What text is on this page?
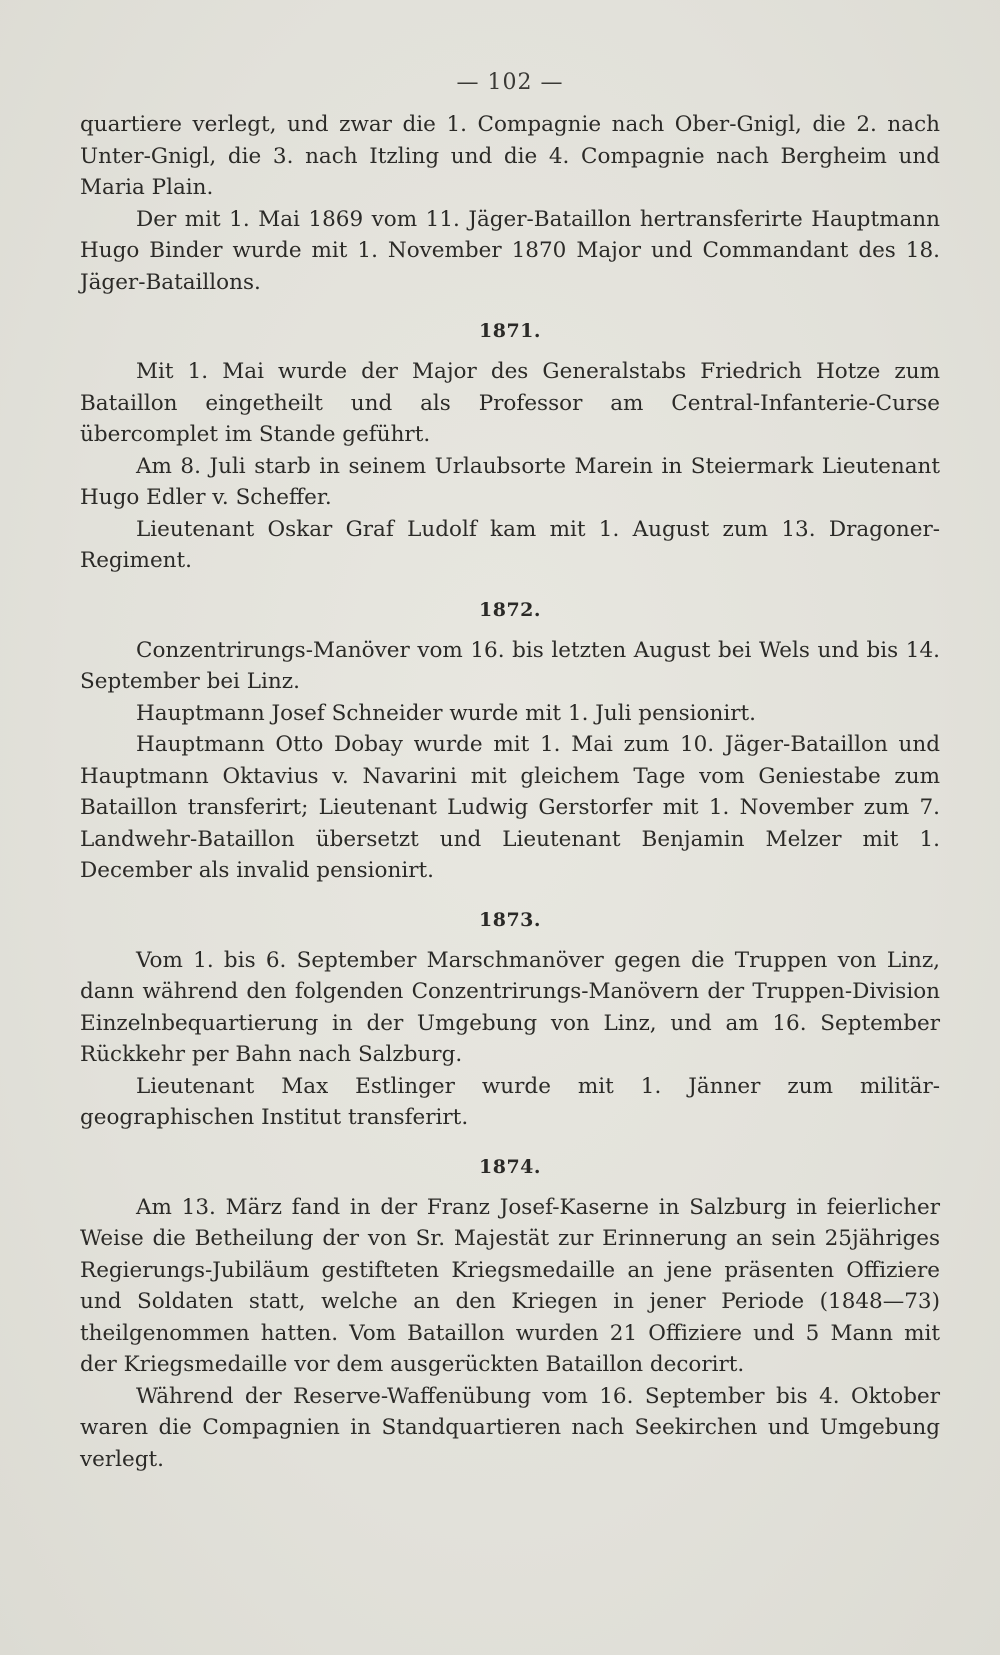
— 102 —

quartiere verlegt, und zwar die 1. Compagnie nach Ober-Gnigl, die 2. nach Unter-Gnigl, die 3. nach Itzling und die 4. Compagnie nach Bergheim und Maria Plain.

Der mit 1. Mai 1869 vom 11. Jäger-Bataillon hertransferirte Hauptmann Hugo Binder wurde mit 1. November 1870 Major und Commandant des 18. Jäger-Bataillons.

1871.

Mit 1. Mai wurde der Major des Generalstabs Friedrich Hotze zum Bataillon eingetheilt und als Professor am Central-Infanterie-Curse übercomplet im Stande geführt.

Am 8. Juli starb in seinem Urlaubsorte Marein in Steiermark Lieutenant Hugo Edler v. Scheffer.

Lieutenant Oskar Graf Ludolf kam mit 1. August zum 13. Dragoner-Regiment.

1872.

Conzentrirungs-Manöver vom 16. bis letzten August bei Wels und bis 14. September bei Linz.

Hauptmann Josef Schneider wurde mit 1. Juli pensionirt.

Hauptmann Otto Dobay wurde mit 1. Mai zum 10. Jäger-Bataillon und Hauptmann Oktavius v. Navarini mit gleichem Tage vom Geniestabe zum Bataillon transferirt; Lieutenant Ludwig Gerstorfer mit 1. November zum 7. Landwehr-Bataillon übersetzt und Lieutenant Benjamin Melzer mit 1. December als invalid pensionirt.

1873.

Vom 1. bis 6. September Marschmanöver gegen die Truppen von Linz, dann während den folgenden Conzentrirungs-Manövern der Truppen-Division Einzelnbequartierung in der Umgebung von Linz, und am 16. September Rückkehr per Bahn nach Salzburg.

Lieutenant Max Estlinger wurde mit 1. Jänner zum militär-geographischen Institut transferirt.

1874.

Am 13. März fand in der Franz Josef-Kaserne in Salzburg in feierlicher Weise die Betheilung der von Sr. Majestät zur Erinnerung an sein 25jähriges Regierungs-Jubiläum gestifteten Kriegsmedaille an jene präsenten Offiziere und Soldaten statt, welche an den Kriegen in jener Periode (1848—73) theilgenommen hatten. Vom Bataillon wurden 21 Offiziere und 5 Mann mit der Kriegsmedaille vor dem ausgerückten Bataillon decorirt.

Während der Reserve-Waffenübung vom 16. September bis 4. Oktober waren die Compagnien in Standquartieren nach Seekirchen und Umgebung verlegt.
